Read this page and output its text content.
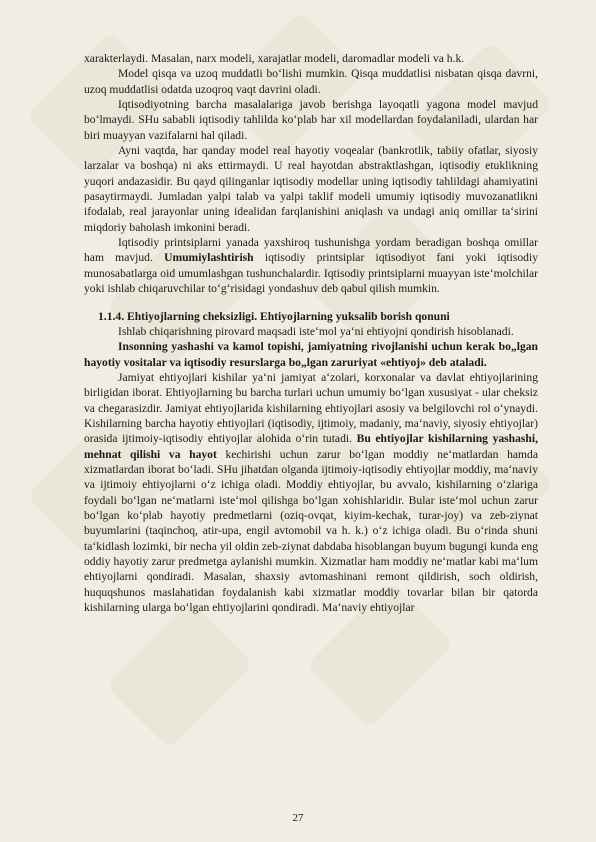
xarakterlaydi. Masalan, narx modeli, xarajatlar modeli, daromadlar modeli va h.k.

Model qisqa va uzoq muddatli bo‘lishi mumkin. Qisqa muddatlisi nisbatan qisqa davrni, uzoq muddatlisi odatda uzoqroq vaqt davrini oladi.

Iqtisodiyotning barcha masalalariga javob berishga layoqatli yagona model mavjud bo‘lmaydi. SHu sababli iqtisodiy tahlilda ko‘plab har xil modellardan foydalaniladi, ulardan har biri muayyan vazifalarni hal qiladi.

Ayni vaqtda, har qanday model real hayotiy voqealar (bankrotlik, tabiiy ofatlar, siyosiy larzalar va boshqa) ni aks ettirmaydi. U real hayotdan abstraktlashgan, iqtisodiy etuklikning yuqori andazasidir. Bu qayd qilinganlar iqtisodiy modellar uning iqtisodiy tahlildagi ahamiyatini pasaytirmaydi. Jumladan yalpi talab va yalpi taklif modeli umumiy iqtisodiy muvozanatlikni ifodalab, real jarayonlar uning idealidan farqlanishini aniqlash va undagi aniq omillar ta‘sirini miqdoriy baholash imkonini beradi.

Iqtisodiy printsiplarni yanada yaxshiroq tushunishga yordam beradigan boshqa omillar ham mavjud. Umumiylashtirish iqtisodiy printsiplar iqtisodiyot fani yoki iqtisodiy munosabatlarga oid umumlashgan tushunchalardir. Iqtisodiy printsiplarni muayyan iste‘molchilar yoki ishlab chiqaruvchilar to‘g‘risidagi yondashuv deb qabul qilish mumkin.

1.1.4. Ehtiyojlarning cheksizligi. Ehtiyojlarning yuksalib borish qonuni

Ishlab chiqarishning pirovard maqsadi iste‘mol ya‘ni ehtiyojni qondirish hisoblanadi.

Insonning yashashi va kamol topishi, jamiyatning rivojlanishi uchun kerak bo„lgan hayotiy vositalar va iqtisodiy resurslarga bo„lgan zaruriyat «ehtiyoj» deb ataladi.

Jamiyat ehtiyojlari kishilar ya‘ni jamiyat a‘zolari, korxonalar va davlat ehtiyojlarining birligidan iborat. Ehtiyojlarning bu barcha turlari uchun umumiy bo‘lgan xususiyat - ular cheksiz va chegarasizdir. Jamiyat ehtiyojlarida kishilarning ehtiyojlari asosiy va belgilovchi rol o‘ynaydi. Kishilarning barcha hayotiy ehtiyojlari (iqtisodiy, ijtimoiy, madaniy, ma‘naviy, siyosiy ehtiyojlar) orasida ijtimoiy-iqtisodiy ehtiyojlar alohida o‘rin tutadi. Bu ehtiyojlar kishilarning yashashi, mehnat qilishi va hayot kechirishi uchun zarur bo‘lgan moddiy ne‘matlardan hamda xizmatlardan iborat bo‘ladi. SHu jihatdan olganda ijtimoiy-iqtisodiy ehtiyojlar moddiy, ma‘naviy va ijtimoiy ehtiyojlarni o‘z ichiga oladi. Moddiy ehtiyojlar, bu avvalo, kishilarning o‘zlariga foydali bo‘lgan ne‘matlarni iste‘mol qilishga bo‘lgan xohishlaridir. Bular iste‘mol uchun zarur bo‘lgan ko‘plab hayotiy predmetlarni (oziq-ovqat, kiyim-kechak, turar-joy) va zeb-ziynat buyumlarini (taqinchoq, atir-upa, engil avtomobil va h. k.) o‘z ichiga oladi. Bu o‘rinda shuni ta‘kidlash lozimki, bir necha yil oldin zeb-ziynat dabdaba hisoblangan buyum bugungi kunda eng oddiy hayotiy zarur predmetga aylanishi mumkin. Xizmatlar ham moddiy ne‘matlar kabi ma‘lum ehtiyojlarni qondiradi. Masalan, shaxsiy avtomashinani remont qildirish, soch oldirish, huquqshunos maslahatidan foydalanish kabi xizmatlar moddiy tovarlar bilan bir qatorda kishilarning ularga bo‘lgan ehtiyojlarini qondiradi. Ma‘naviy ehtiyojlar

27
